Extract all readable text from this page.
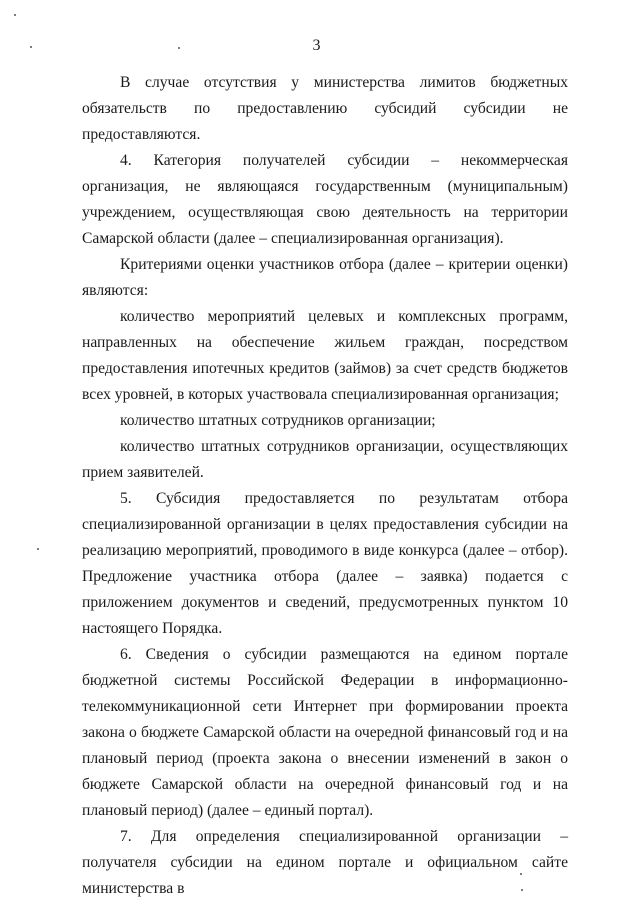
3

В случае отсутствия у министерства лимитов бюджетных обязательств по предоставлению субсидий субсидии не предоставляются.

4. Категория получателей субсидии – некоммерческая организация, не являющаяся государственным (муниципальным) учреждением, осуществляющая свою деятельность на территории Самарской области (далее – специализированная организация).

Критериями оценки участников отбора (далее – критерии оценки) являются:

количество мероприятий целевых и комплексных программ, направленных на обеспечение жильем граждан, посредством предоставления ипотечных кредитов (займов) за счет средств бюджетов всех уровней, в которых участвовала специализированная организация;

количество штатных сотрудников организации;

количество штатных сотрудников организации, осуществляющих прием заявителей.

5. Субсидия предоставляется по результатам отбора специализированной организации в целях предоставления субсидии на реализацию мероприятий, проводимого в виде конкурса (далее – отбор). Предложение участника отбора (далее – заявка) подается с приложением документов и сведений, предусмотренных пунктом 10 настоящего Порядка.

6. Сведения о субсидии размещаются на едином портале бюджетной системы Российской Федерации в информационно-телекоммуникационной сети Интернет при формировании проекта закона о бюджете Самарской области на очередной финансовый год и на плановый период (проекта закона о внесении изменений в закон о бюджете Самарской области на очередной финансовый год и на плановый период) (далее – единый портал).

7. Для определения специализированной организации – получателя субсидии на едином портале и официальном сайте министерства в
